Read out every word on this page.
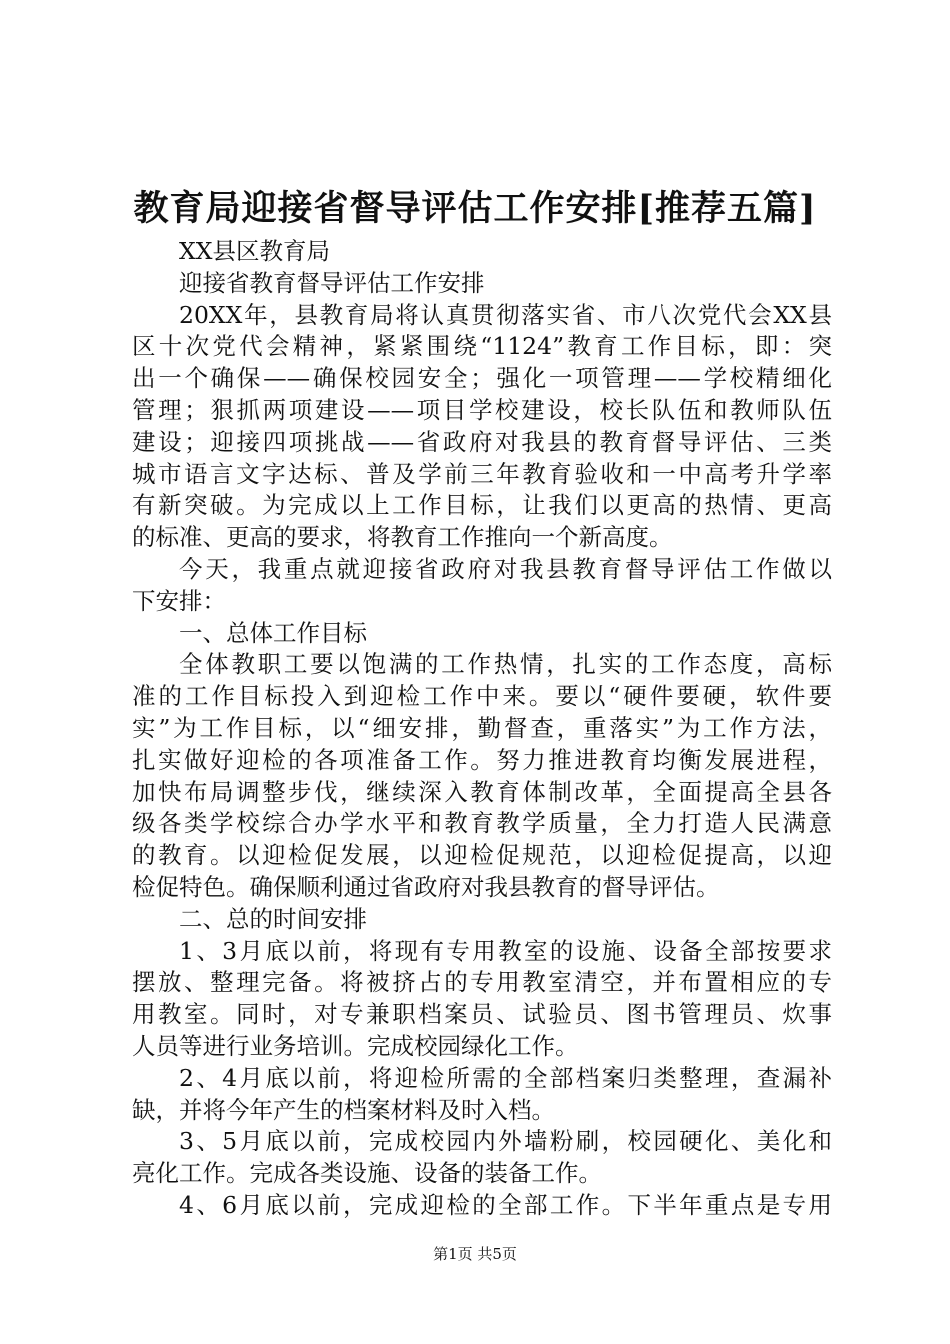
教育局迎接省督导评估工作安排[推荐五篇]
XX县区教育局
迎接省教育督导评估工作安排
20XX年，县教育局将认真贯彻落实省、市八次党代会XX县
区十次党代会精神，紧紧围绕“1124”教育工作目标，即：突
出一个确保——确保校园安全；强化一项管理——学校精细化
管理；狠抓两项建设——项目学校建设，校长队伍和教师队伍
建设；迎接四项挑战——省政府对我县的教育督导评估、三类
城市语言文字达标、普及学前三年教育验收和一中高考升学率
有新突破。为完成以上工作目标，让我们以更高的热情、更高
的标准、更高的要求，将教育工作推向一个新高度。
今天，我重点就迎接省政府对我县教育督导评估工作做以
下安排：
一、总体工作目标
全体教职工要以饱满的工作热情，扎实的工作态度，高标
准的工作目标投入到迎检工作中来。要以“硬件要硬，软件要
实”为工作目标，以“细安排，勤督查，重落实”为工作方法，
扎实做好迎检的各项准备工作。努力推进教育均衡发展进程，
加快布局调整步伐，继续深入教育体制改革，全面提高全县各
级各类学校综合办学水平和教育教学质量，全力打造人民满意
的教育。以迎检促发展，以迎检促规范，以迎检促提高，以迎
检促特色。确保顺利通过省政府对我县教育的督导评估。
二、总的时间安排
1、3月底以前，将现有专用教室的设施、设备全部按要求
摆放、整理完备。将被挤占的专用教室清空，并布置相应的专
用教室。同时，对专兼职档案员、试验员、图书管理员、炊事
人员等进行业务培训。完成校园绿化工作。
2、4月底以前，将迎检所需的全部档案归类整理，查漏补
缺，并将今年产生的档案材料及时入档。
3、5月底以前，完成校园内外墙粉刷，校园硬化、美化和
亮化工作。完成各类设施、设备的装备工作。
4、6月底以前，完成迎检的全部工作。下半年重点是专用
第1页 共5页
